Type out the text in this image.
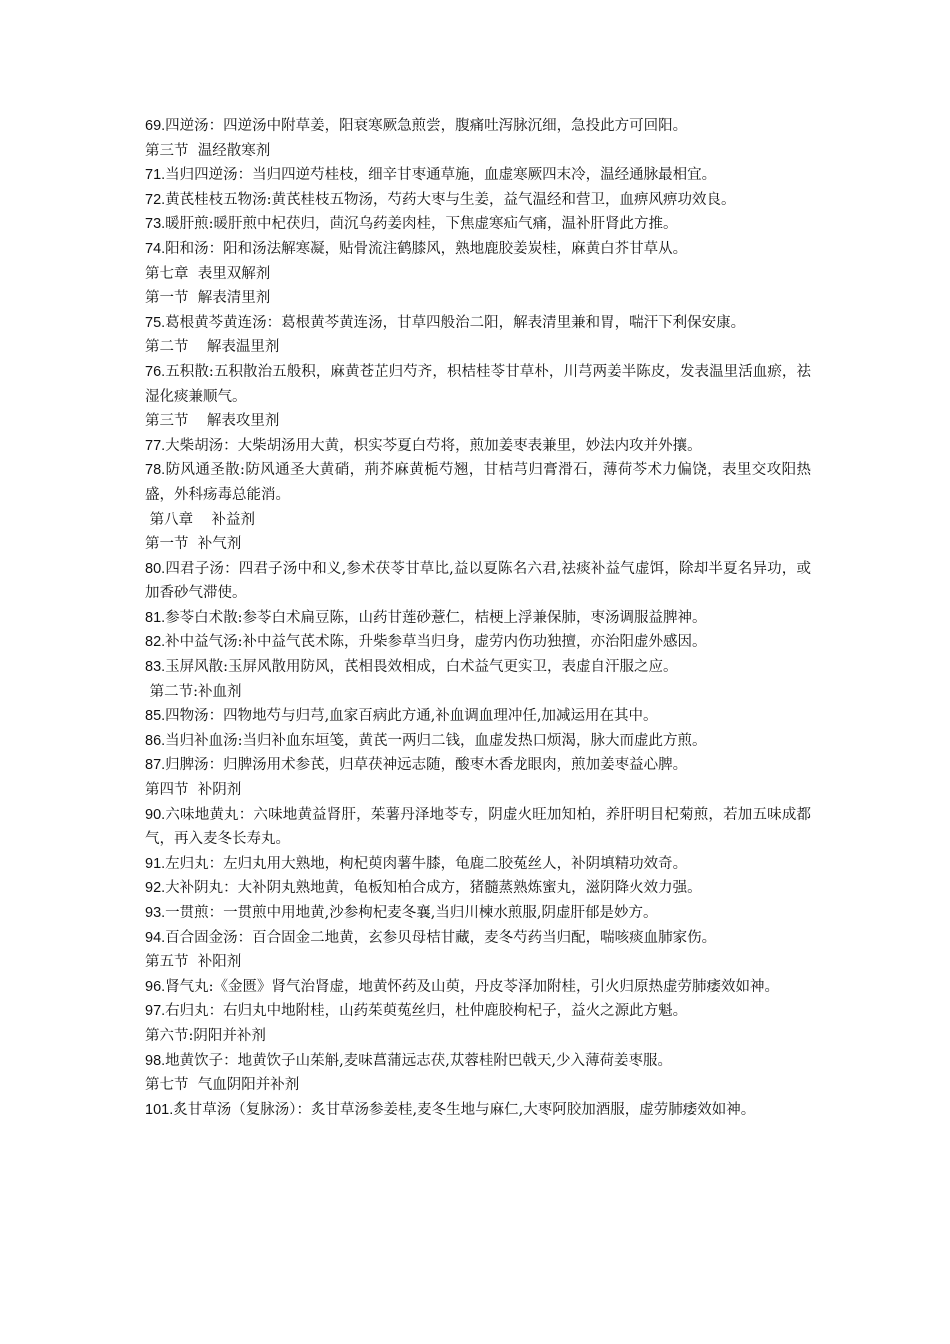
69.四逆汤：四逆汤中附草姜，阳衰寒厥急煎尝，腹痛吐泻脉沉细，急投此方可回阳。
第三节  温经散寒剂
71.当归四逆汤：当归四逆芍桂枝，细辛甘枣通草施，血虚寒厥四末冷，温经通脉最相宜。
72.黄芪桂枝五物汤:黄芪桂枝五物汤，芍药大枣与生姜，益气温经和营卫，血痹风痹功效良。
73.暖肝煎:暖肝煎中杞茯归，茴沉乌药姜肉桂，下焦虚寒疝气痛，温补肝肾此方推。
74.阳和汤：阳和汤法解寒凝，贴骨流注鹤膝风，熟地鹿胶姜炭桂，麻黄白芥甘草从。
第七章  表里双解剂
第一节  解表清里剂
75.葛根黄芩黄连汤：葛根黄芩黄连汤，甘草四般治二阳，解表清里兼和胃，喘汗下利保安康。
第二节    解表温里剂
76.五积散:五积散治五般积，麻黄苍芷归芍齐，枳桔桂苓甘草朴，川芎两姜半陈皮，发表温里活血瘀，祛湿化痰兼顺气。
第三节    解表攻里剂
77.大柴胡汤：大柴胡汤用大黄，枳实芩夏白芍将，煎加姜枣表兼里，妙法内攻并外攘。
78.防风通圣散:防风通圣大黄硝，荊芥麻黄栀芍翘，甘桔芎归膏滑石，薄荷芩术力偏饶，表里交攻阳热盛，外科疡毒总能消。
第八章    补益剂
第一节  补气剂
80.四君子汤：四君子汤中和义,参术茯苓甘草比,益以夏陈名六君,祛痰补益气虚饵，除却半夏名异功，或加香砂气滞使。
81.参苓白术散:参苓白术扁豆陈，山药甘莲砂薏仁，桔梗上浮兼保肺，枣汤调服益脾神。
82.补中益气汤:补中益气芪术陈，升柴参草当归身，虚劳内伤功独擅，亦治阳虚外感因。
83.玉屏风散:玉屏风散用防风，芪相畏效相成，白术益气更实卫，表虚自汗服之应。
第二节:补血剂
85.四物汤：四物地芍与归芎,血家百病此方通,补血调血理冲任,加减运用在其中。
86.当归补血汤:当归补血东垣笺，黄芪一两归二钱，血虚发热口烦渴，脉大而虚此方煎。
87.归脾汤：归脾汤用术参芪，归草茯神远志随，酸枣木香龙眼肉，煎加姜枣益心脾。
第四节  补阴剂
90.六味地黄丸：六味地黄益肾肝，茱薯丹泽地苓专，阴虚火旺加知柏，养肝明目杞菊煎，若加五味成都气，再入麦冬长寿丸。
91.左归丸：左归丸用大熟地，枸杞萸肉薯牛膝，龟鹿二胶菟丝人，补阴填精功效奇。
92.大补阴丸：大补阴丸熟地黄，龟板知柏合成方，猪髓蒸熟炼蜜丸，滋阴降火效力强。
93.一贯煎：一贯煎中用地黄,沙参枸杞麦冬襄,当归川楝水煎服,阴虚肝郁是妙方。
94.百合固金汤：百合固金二地黄，玄参贝母桔甘藏，麦冬芍药当归配，喘咳痰血肺家伤。
第五节  补阳剂
96.肾气丸:《金匮》肾气治肾虚，地黄怀药及山萸，丹皮苓泽加附桂，引火归原热虚劳肺痿效如神。
97.右归丸：右归丸中地附桂，山药茱萸菟丝归，杜仲鹿胶枸杞子，益火之源此方魁。
第六节:阴阳并补剂
98.地黄饮子：地黄饮子山茱斛,麦味菖蒲远志茯,苁蓉桂附巴戟天,少入薄荷姜枣服。
第七节  气血阴阳并补剂
101.炙甘草汤（复脉汤）：炙甘草汤参姜桂,麦冬生地与麻仁,大枣阿胶加酒服，虚劳肺痿效如神。
